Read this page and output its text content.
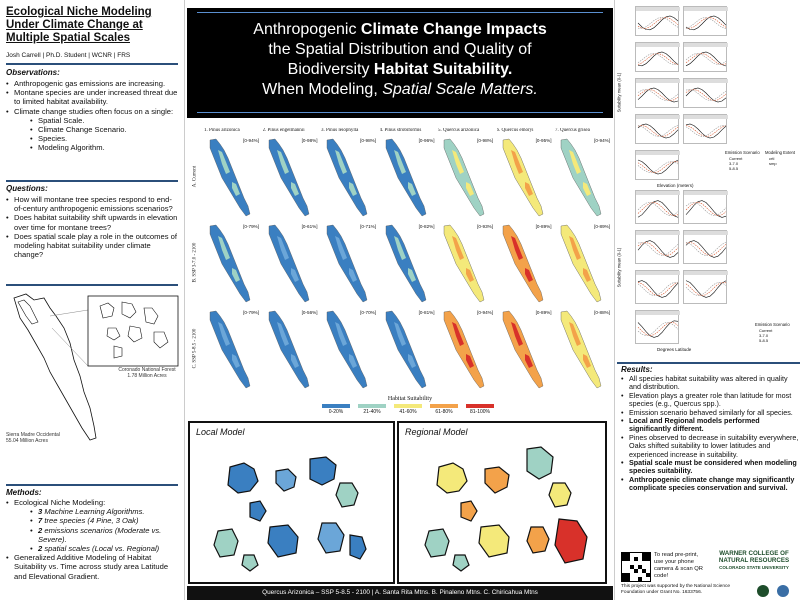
Ecological Niche Modeling Under Climate Change at Multiple Spatial Scales
Josh Carrell | Ph.D. Student | WCNR | FRS
Observations:
• Anthropogenic gas emissions are increasing.
• Montane species are under increased threat due to limited habitat availability.
• Climate change studies often focus on a single:
• Spatial Scale.
• Climate Change Scenario.
• Species.
• Modeling Algorithm.
Questions:
• How will montane tree species respond to end-of-century anthropogenic emissions scenarios?
• Does habitat suitability shift upwards in elevation over time for montane trees?
• Does spatial scale play a role in the outcomes of modeling habitat suitability under climate change?
Coronado National Forest
1.78 Million Acres
Sierra Madre Occidental
55.04 Million Acres
Methods:
• Ecological Niche Modeling:
• 3 Machine Learning Algorithms.
• 7 tree species (4 Pine, 3 Oak)
• 2 emissions scenarios (Moderate vs. Severe).
• 2 spatial scales (Local vs. Regional)
• Generalized Additive Modeling of Habitat Suitability vs. Time across study area Latitude and Elevational Gradient.
Anthropogenic Climate Change Impacts
the Spatial Distribution and Quality of
Biodiversity Habitat Suitability.
When Modeling, Spatial Scale Matters.
Habitat Suitability
0-20%	21-40%	41-60%	61-80%	81-100%
1. Pinus arizonica	2. Pinus engelmannii	3. Pinus leiophylla	4. Pinus strobiformis	5. Quercus arizonica	6. Quercus emoryi	7. Quercus grisea
A. Current
B. SSP 3-7.0 - 2100
C. SSP 5-8.5 - 2100
[0-94%]	[0-98%]	[0-98%]	[0-96%]	[0-98%]	[0-95%]	[0-94%]
[0-79%]	[0-61%]	[0-71%]	[0-82%]	[0-93%]	[0-89%]	[0-89%]
[0-79%]	[0-56%]	[0-70%]	[0-81%]	[0-94%]	[0-89%]	[0-88%]
Local Model	Regional Model
Quercus Arizonica – SSP 5-8.5 - 2100 | A. Santa Rita Mtns. B. Pinaleno Mtns. C. Chiricahua Mtns
Results:
• All species habitat suitability was altered in quality and distribution.
• Elevation plays a greater role than latitude for most species (e.g., Quercus spp.).
• Emission scenario behaved similarly for all species.
• Local and Regional models performed significantly different.
• Pines observed to decrease in suitability everywhere, Oaks shifted suitability to lower latitudes and experienced increase in suitability.
• Spatial scale must be considered when modeling species suitability.
• Anthropogenic climate change may significantly complicate species conservation and survival.
To read pre-print, use your phone camera & scan QR code!
WARNER COLLEGE OF NATURAL RESOURCES
COLORADO STATE UNIVERSITY
This project was supported by the National Science Foundation under Grant No. 1633756.
Suitability mean (0-1)
Suitability mean (0-1)
Elevation (meters)
Degrees Latitude
Emission Scenario Modeling Extent
Current
3-7.0
5-8.5
crtl
smp
Emission Scenario
Current
3-7.0
5-8.5
